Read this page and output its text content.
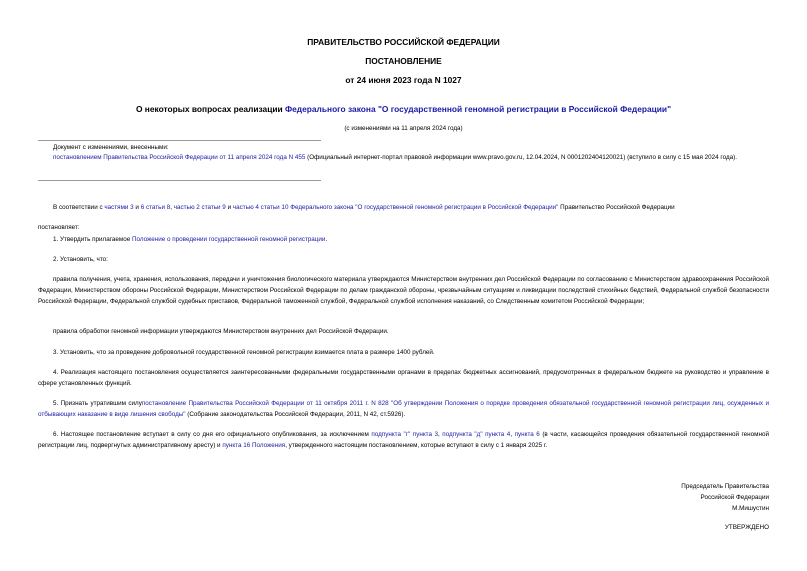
ПРАВИТЕЛЬСТВО РОССИЙСКОЙ ФЕДЕРАЦИИ
ПОСТАНОВЛЕНИЕ
от 24 июня 2023 года N 1027
О некоторых вопросах реализации Федерального закона "О государственной геномной регистрации в Российской Федерации"
(с изменениями на 11 апреля 2024 года)
Документ с изменениями, внесенными:
постановлением Правительства Российской Федерации от 11 апреля 2024 года N 455 (Официальный интернет-портал правовой информации www.pravo.gov.ru, 12.04.2024, N 0001202404120021) (вступило в силу с 15 мая 2024 года).
В соответствии с частями 3 и 6 статьи 8, частью 2 статьи 9 и частью 4 статьи 10 Федерального закона "О государственной геномной регистрации в Российской Федерации" Правительство Российской Федерации
постановляет:
1. Утвердить прилагаемое Положение о проведении государственной геномной регистрации.
2. Установить, что:
правила получения, учета, хранения, использования, передачи и уничтожения биологического материала утверждаются Министерством внутренних дел Российской Федерации по согласованию с Министерством здравоохранения Российской Федерации, Министерством обороны Российской Федерации, Министерством Российской Федерации по делам гражданской обороны, чрезвычайным ситуациям и ликвидации последствий стихийных бедствий, Федеральной службой безопасности Российской Федерации, Федеральной службой судебных приставов, Федеральной таможенной службой, Федеральной службой исполнения наказаний, со Следственным комитетом Российской Федерации;
правила обработки геномной информации утверждаются Министерством внутренних дел Российской Федерации.
3. Установить, что за проведение добровольной государственной геномной регистрации взимается плата в размере 1400 рублей.
4. Реализация настоящего постановления осуществляется заинтересованными федеральными государственными органами в пределах бюджетных ассигнований, предусмотренных в федеральном бюджете на руководство и управление в сфере установленных функций.
5. Признать утратившим силупостановление Правительства Российской Федерации от 11 октября 2011 г. N 828 "Об утверждении Положения о порядке проведения обязательной государственной геномной регистрации лиц, осужденных и отбывающих наказание в виде лишения свободы" (Собрание законодательства Российской Федерации, 2011, N 42, ст.5926).
6. Настоящее постановление вступает в силу со дня его официального опубликования, за исключением подпункта "г" пункта 3, подпункта "д" пункта 4, пункта 6 (в части, касающейся проведения обязательной государственной геномной регистрации лиц, подвергнутых административному аресту) и пункта 16 Положения, утвержденного настоящим постановлением, которые вступают в силу с 1 января 2025 г.
Председатель Правительства
Российской Федерации
М.Мишустин
УТВЕРЖДЕНО
